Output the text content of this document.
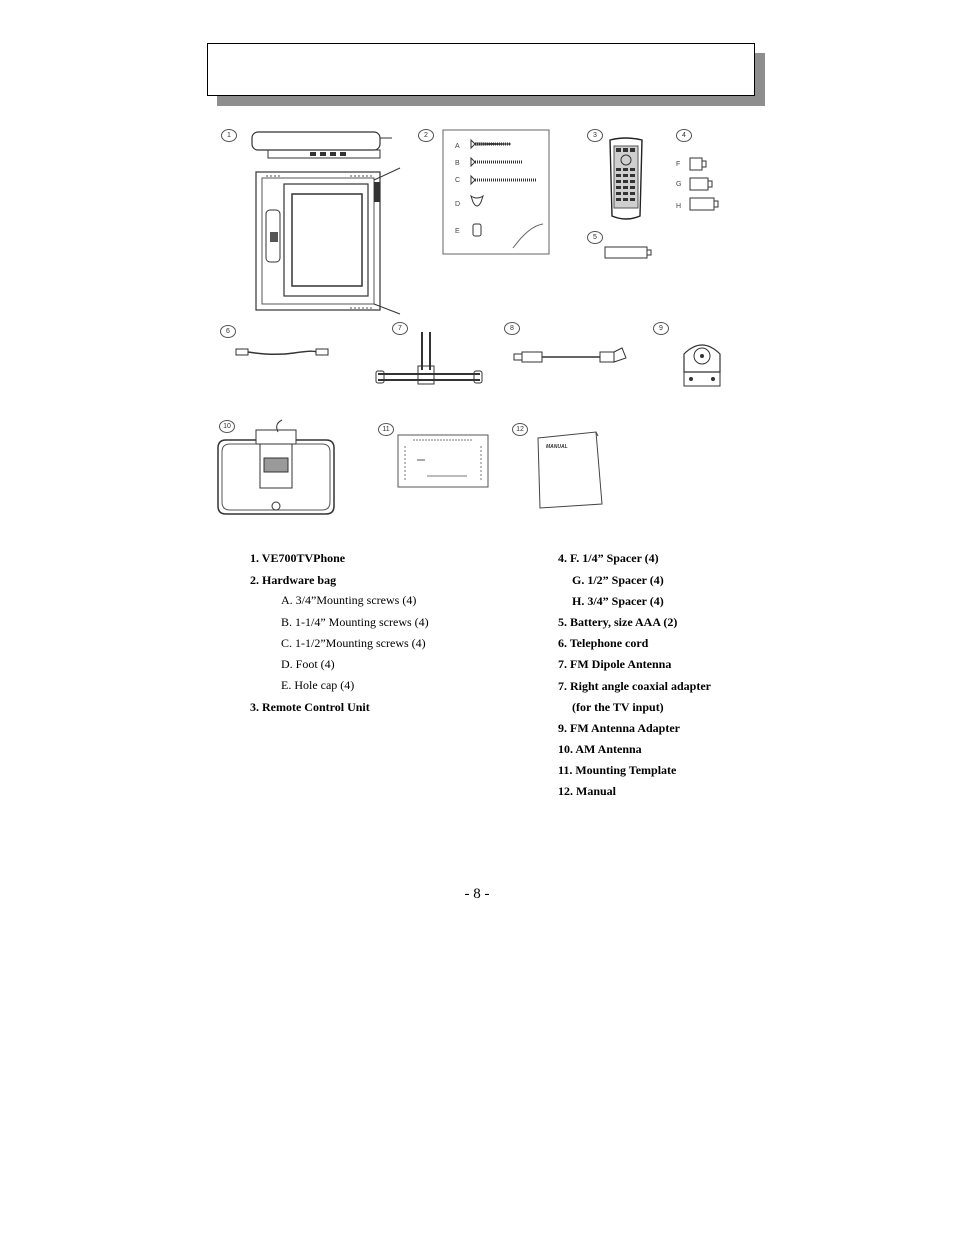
1	2
A
B
C
D
E
3	4
F
G
H
5
6	7	8	9
10	11	12
MANUAL
1. VE700TVPhone
2. Hardware bag
A. 3/4”Mounting screws (4)
B. 1-1/4” Mounting screws (4)
C. 1-1/2”Mounting screws (4)
D. Foot (4)
E. Hole cap (4)
3. Remote Control Unit
4. F. 1/4” Spacer (4)
G. 1/2” Spacer (4)
H. 3/4” Spacer (4)
5. Battery, size AAA (2)
6. Telephone cord
7. FM Dipole Antenna
7. Right angle coaxial adapter
(for the TV input)
9. FM Antenna Adapter
10. AM Antenna
11. Mounting Template
12. Manual
- 8 -
